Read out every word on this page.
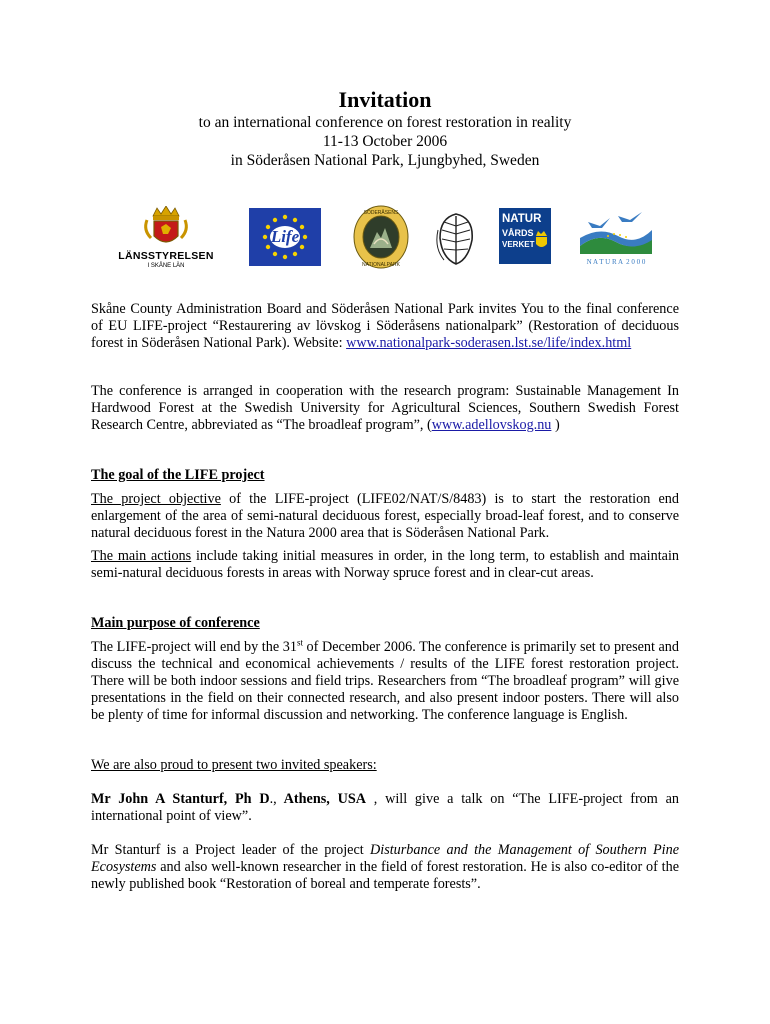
Invitation
to an international conference on forest restoration in reality
11-13 October 2006
in Söderåsen National Park, Ljungbyhed, Sweden
LÄNSSTYRELSEN
I SKÅNE LÄN
Life
SÖDERÅSENS
NATIONALPARK
NATUR
VÅRDS
VERKET
N A T U R A  2 0 0 0

Skåne County Administration Board and Söderåsen National Park invites You to the final conference of EU LIFE-project “Restaurering av lövskog i Söderåsens nationalpark” (Restoration of deciduous forest in Söderåsen National Park). Website: www.nationalpark-soderasen.lst.se/life/index.html

The conference is arranged in cooperation with the research program: Sustainable Management In Hardwood Forest at the Swedish University for Agricultural Sciences, Southern Swedish Forest Research Centre, abbreviated as “The broadleaf program”, (www.adellovskog.nu )

The goal of the LIFE project

The project objective of the LIFE-project (LIFE02/NAT/S/8483) is to start the restoration end enlargement of the area of semi-natural deciduous forest, especially broad-leaf forest, and to conserve natural deciduous forest in the Natura 2000 area that is Söderåsen National Park.

The main actions include taking initial measures in order, in the long term, to establish and maintain semi-natural deciduous forests in areas with Norway spruce forest and in clear-cut areas.

Main purpose of conference

The LIFE-project will end by the 31st of December 2006. The conference is primarily set to present and discuss the technical and economical achievements / results of the LIFE forest restoration project. There will be both indoor sessions and field trips. Researchers from “The broadleaf program” will give presentations in the field on their connected research, and also present indoor posters. There will also be plenty of time for informal discussion and networking. The conference language is English.

We are also proud to present two invited speakers:

Mr John A Stanturf, Ph D., Athens, USA , will give a talk on “The LIFE-project from an international point of view”.

Mr Stanturf is a Project leader of the project Disturbance and the Management of Southern Pine Ecosystems and also well-known researcher in the field of forest restoration. He is also co-editor of the newly published book “Restoration of boreal and temperate forests”.
